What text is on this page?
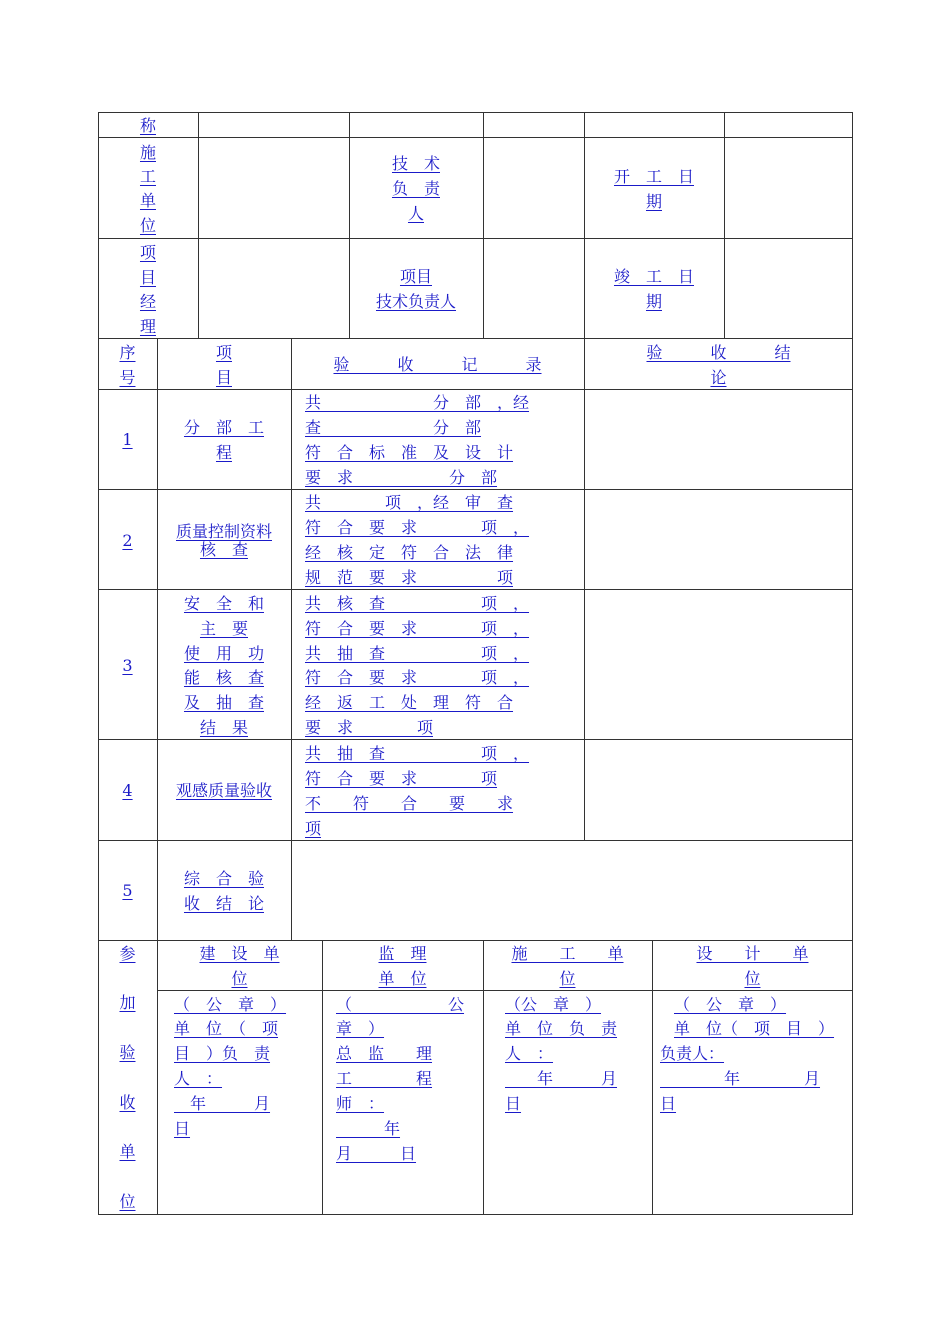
称
施
工
单
位
技　术
负　责
人
开　工　日
期
项
目
经
理
项目
技术负责人
竣　工　日
期
序
号
项
目
验　　　收　　　记　　　录
验　　　收　　　结
论
1
分　部　工
程
共　　　　　　　分　部　，经
查　　　　　　　分　部
符　合　标　准　及　设　计
要　求　　　　　　分　部
2	质量控制资料
核　查
共　　　　项　，经　审　查
符　合　要　求　　　　项　，
经　核　定　符　合　法　律
规　范　要　求　　　　　项
3
安　全　和
主　要
使　用　功
能　核　查
及　抽　查
结　果
共　核　查　　　　　　项　，
符　合　要　求　　　　项　，
共　抽　查　　　　　　项　，
符　合　要　求　　　　项　，
经　返　工　处　理　符　合
要　求　　　　项
4	观感质量验收
共　抽　查　　　　　　项　，
符　合　要　求　　　　项
不　　符　　合　　要　　求
项
5
综　合　验
收　结　论
参
加
验
收
单
位
建　设　单
位
监　理
单　位
施　　工　　单
位
设　　计　　单
位
（　公　章　）
单　位　（　项
目　）负　责
人　：
　年　　　月
日
（　　　　　　公
章　）
总　监　　理
工　　　　程
师　：
　　　年
月　　　日
（公　章　）
单　位　负　责
人　：
　　年　　　月
日
（　公　章　）
单　位（　项　目　）
负责人：
　　　　年　　　　月
日
